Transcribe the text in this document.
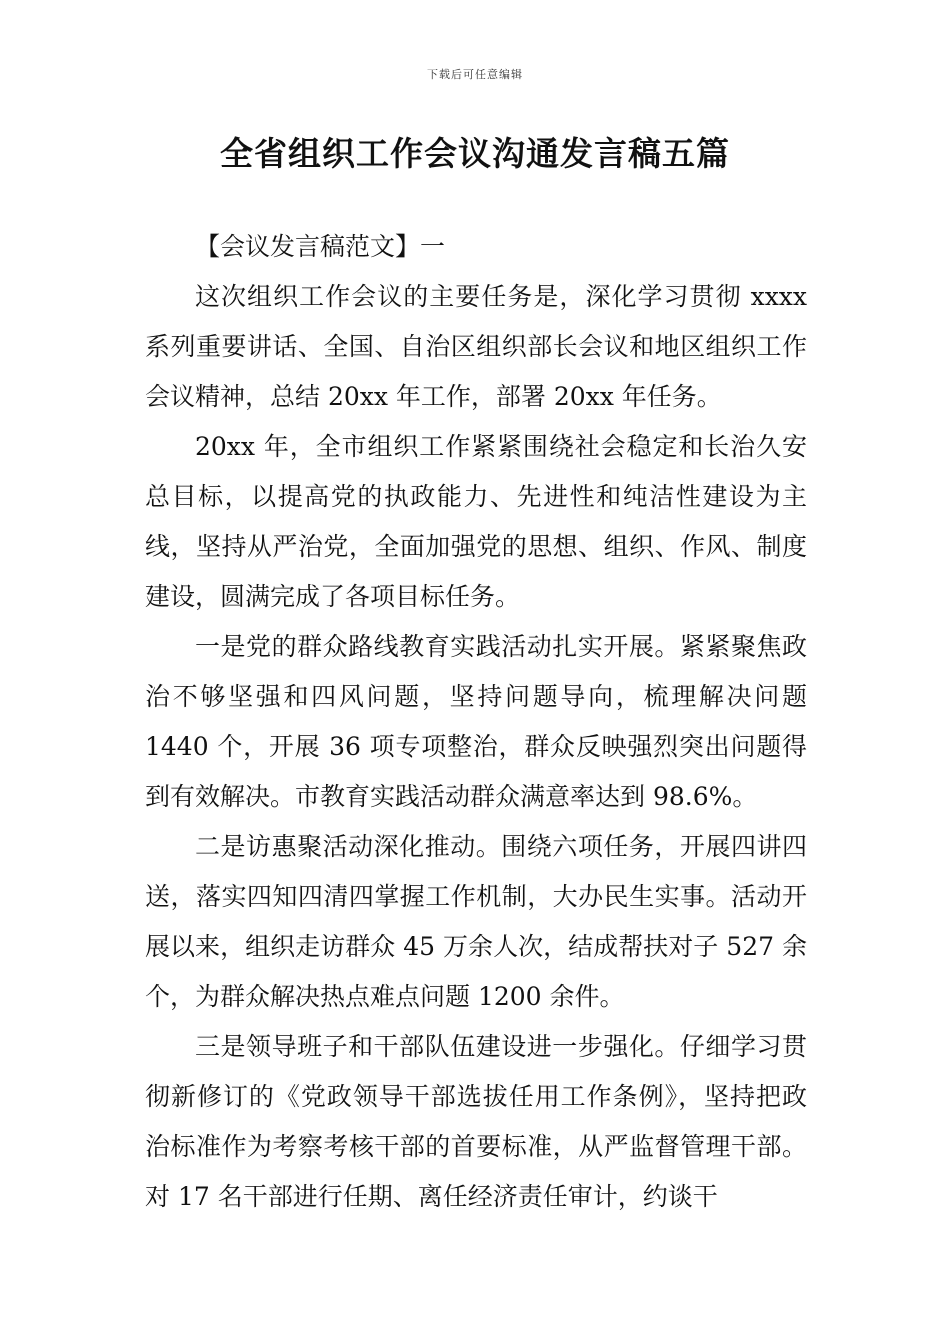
下载后可任意编辑
全省组织工作会议沟通发言稿五篇

【会议发言稿范文】一

这次组织工作会议的主要任务是，深化学习贯彻 xxxx 系列重要讲话、全国、自治区组织部长会议和地区组织工作会议精神，总结 20xx 年工作，部署 20xx 年任务。

20xx 年，全市组织工作紧紧围绕社会稳定和长治久安总目标，以提高党的执政能力、先进性和纯洁性建设为主线，坚持从严治党，全面加强党的思想、组织、作风、制度建设，圆满完成了各项目标任务。

一是党的群众路线教育实践活动扎实开展。紧紧聚焦政治不够坚强和四风问题，坚持问题导向，梳理解决问题 1440 个，开展 36 项专项整治，群众反映强烈突出问题得到有效解决。市教育实践活动群众满意率达到 98.6%。

二是访惠聚活动深化推动。围绕六项任务，开展四讲四送，落实四知四清四掌握工作机制，大办民生实事。活动开展以来，组织走访群众 45 万余人次，结成帮扶对子 527 余个，为群众解决热点难点问题 1200 余件。

三是领导班子和干部队伍建设进一步强化。仔细学习贯彻新修订的《党政领导干部选拔任用工作条例》，坚持把政治标准作为考察考核干部的首要标准，从严监督管理干部。对 17 名干部进行任期、离任经济责任审计，约谈干
